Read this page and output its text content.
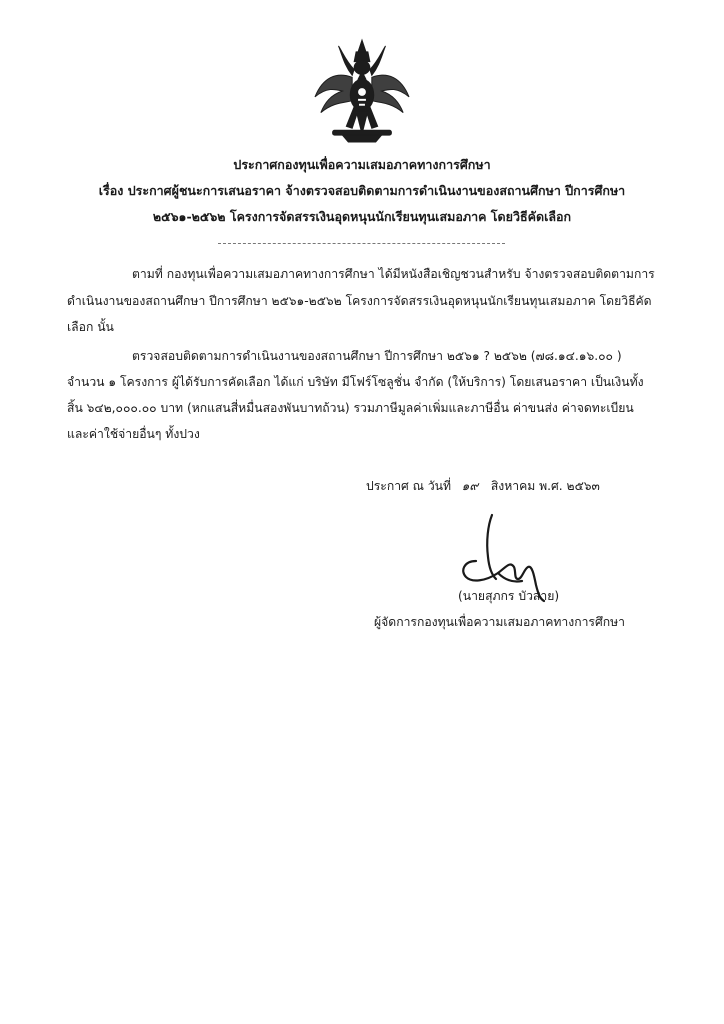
ประกาศกองทุนเพื่อความเสมอภาคทางการศึกษา
เรื่อง ประกาศผู้ชนะการเสนอราคา จ้างตรวจสอบติดตามการดำเนินงานของสถานศึกษา ปีการศึกษา
๒๕๖๑-๒๕๖๒ โครงการจัดสรรเงินอุดหนุนนักเรียนทุนเสมอภาค โดยวิธีคัดเลือก
ตามที่ กองทุนเพื่อความเสมอภาคทางการศึกษา ได้มีหนังสือเชิญชวนสำหรับ จ้างตรวจสอบติดตามการ
ดำเนินงานของสถานศึกษา ปีการศึกษา ๒๕๖๑-๒๕๖๒ โครงการจัดสรรเงินอุดหนุนนักเรียนทุนเสมอภาค โดยวิธีคัด
เลือก นั้น
ตรวจสอบติดตามการดำเนินงานของสถานศึกษา ปีการศึกษา ๒๕๖๑ ? ๒๕๖๒ (๗๘.๑๔.๑๖.๐๐ )
จำนวน ๑ โครงการ ผู้ได้รับการคัดเลือก ได้แก่ บริษัท มีโฟร์โซลูชั่น จำกัด (ให้บริการ) โดยเสนอราคา เป็นเงินทั้ง
สิ้น ๖๔๒,๐๐๐.๐๐ บาท (หกแสนสี่หมื่นสองพันบาทถ้วน) รวมภาษีมูลค่าเพิ่มและภาษีอื่น ค่าขนส่ง ค่าจดทะเบียน
และค่าใช้จ่ายอื่นๆ ทั้งปวง
ประกาศ ณ วันที่ ๑๙ สิงหาคม พ.ศ. ๒๕๖๓
(นายสุภกร บัวสาย)
ผู้จัดการกองทุนเพื่อความเสมอภาคทางการศึกษา
